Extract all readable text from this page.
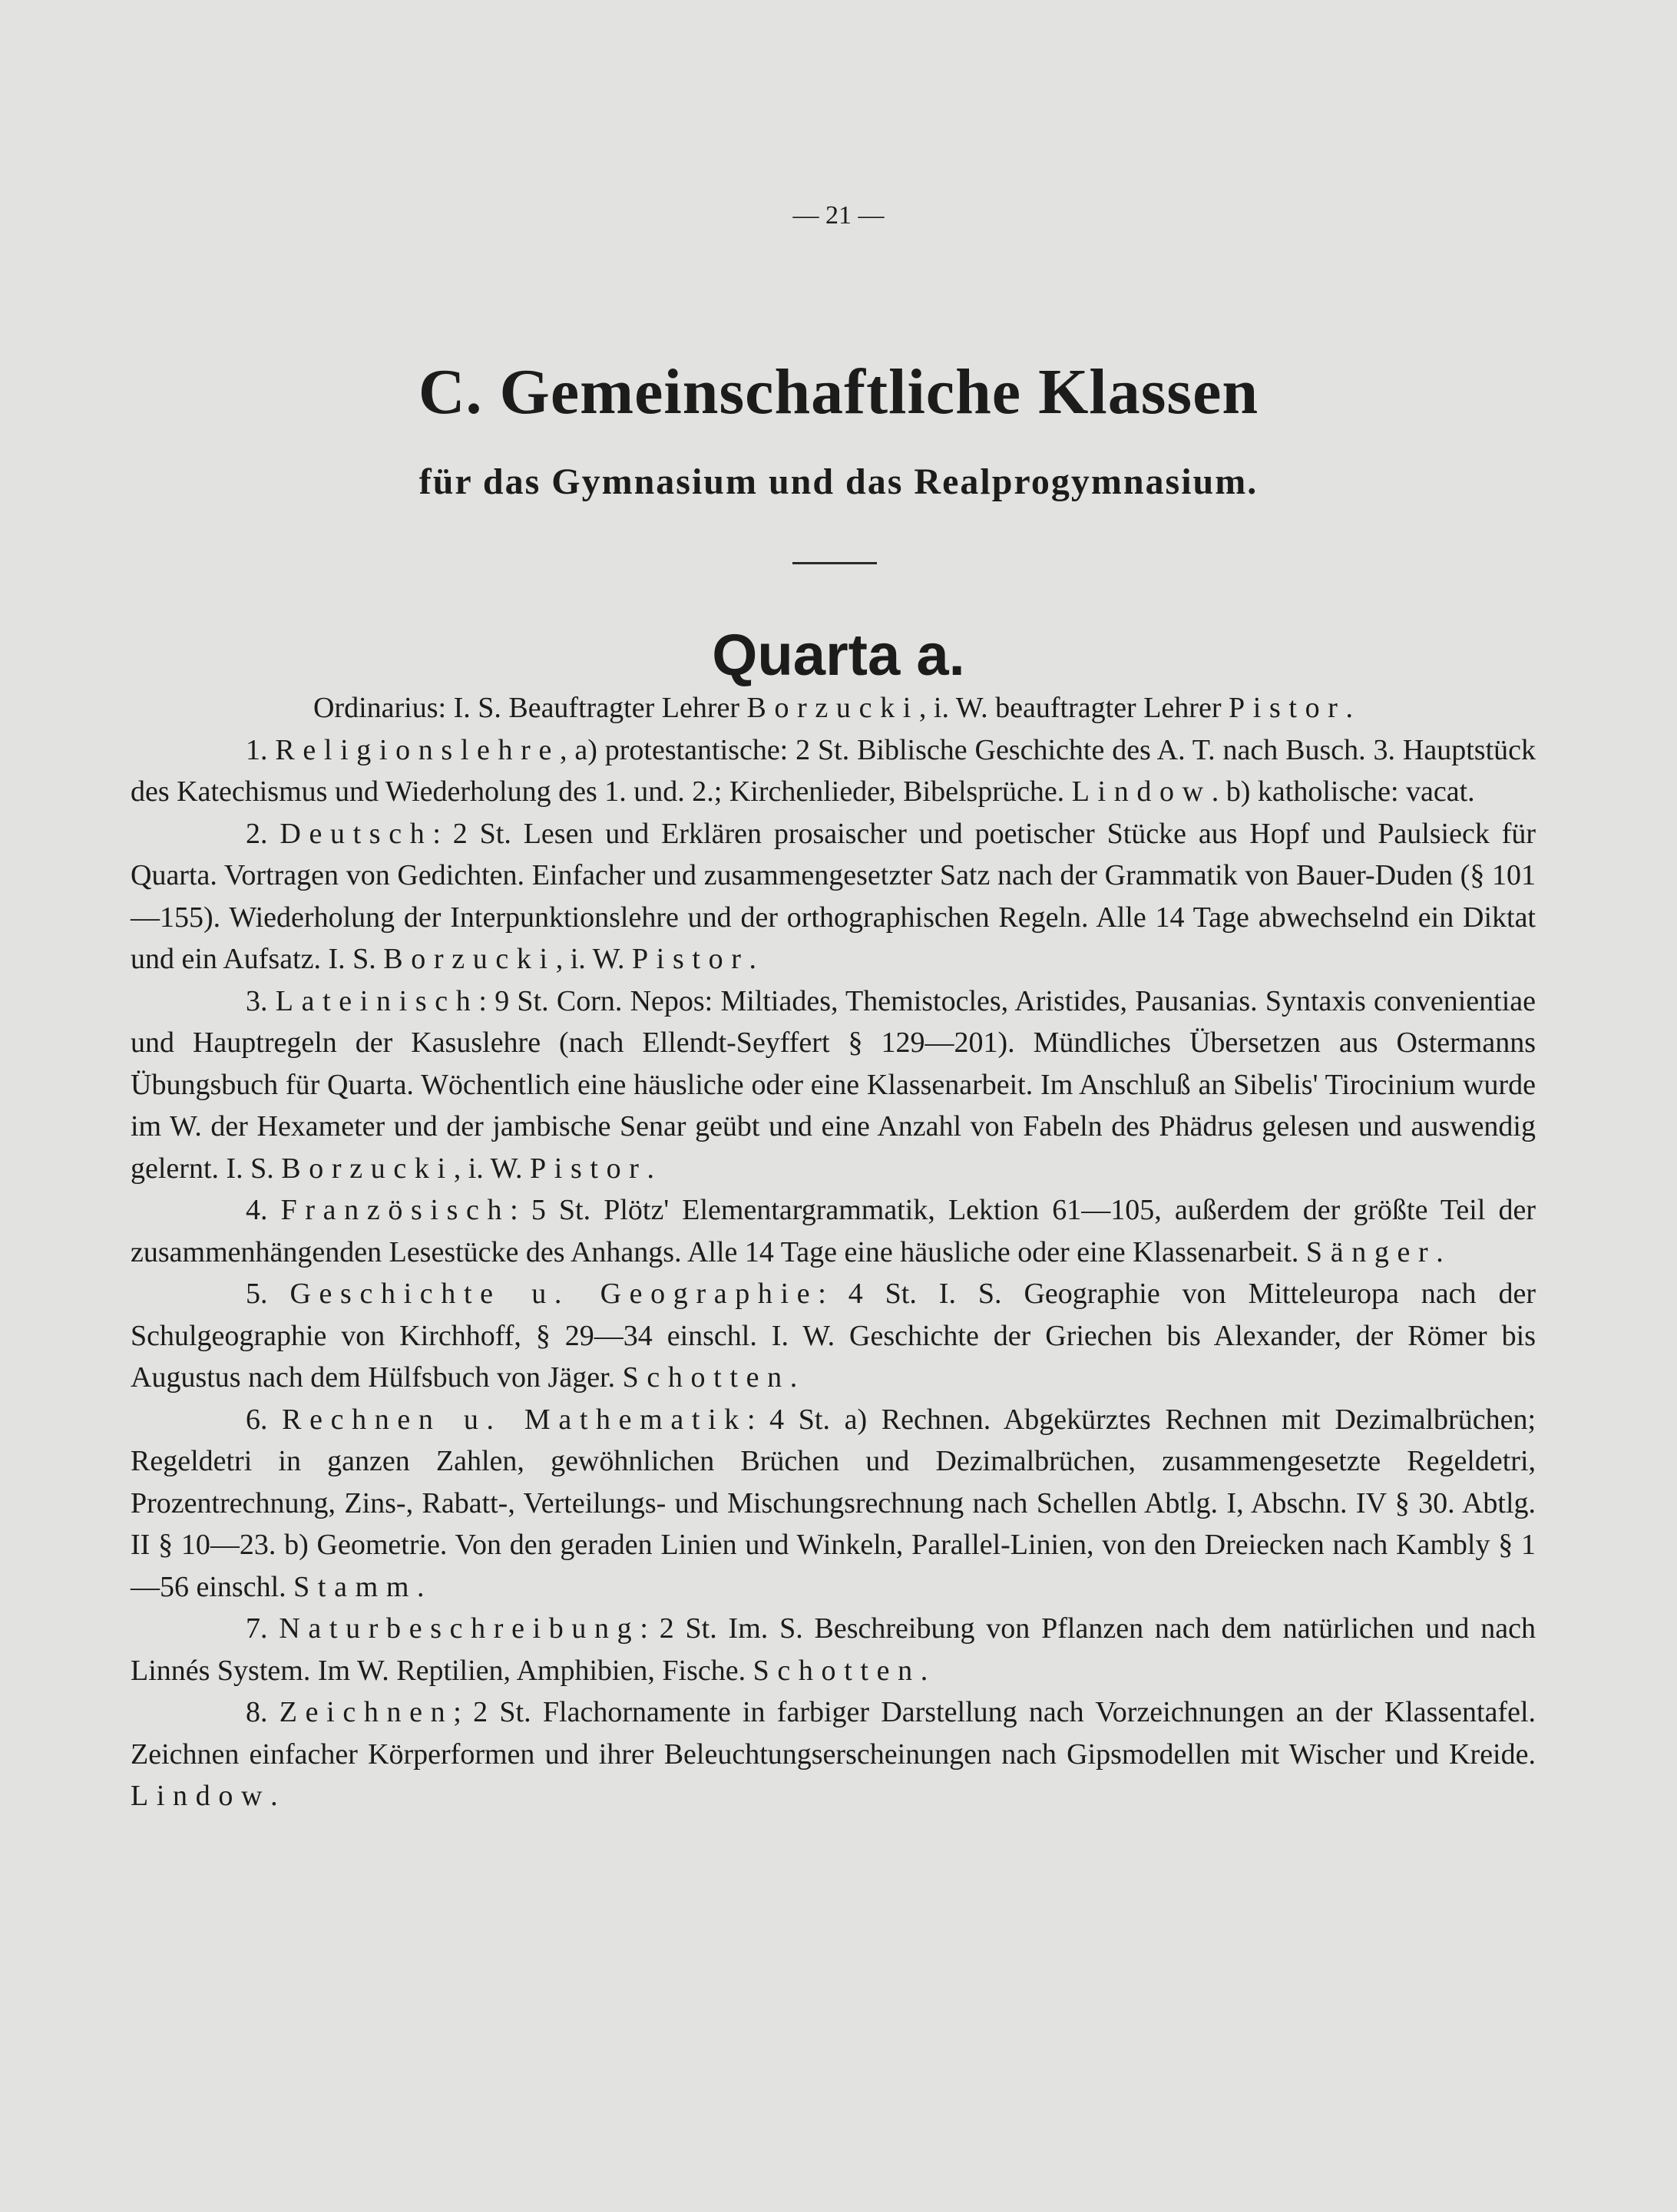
— 21 —
C. Gemeinschaftliche Klassen
für das Gymnasium und das Realprogymnasium.
Quarta a.

Ordinarius: I. S. Beauftragter Lehrer Borzucki, i. W. beauftragter Lehrer Pistor.

1. Religionslehre, a) protestantische: 2 St. Biblische Geschichte des A. T. nach Busch. 3. Hauptstück des Katechismus und Wiederholung des 1. und. 2.; Kirchenlieder, Bibelsprüche. Lindow. b) katholische: vacat.

2. Deutsch: 2 St. Lesen und Erklären prosaischer und poetischer Stücke aus Hopf und Paulsieck für Quarta. Vortragen von Gedichten. Einfacher und zusammengesetzter Satz nach der Grammatik von Bauer-Duden (§ 101—155). Wiederholung der Interpunktionslehre und der orthographischen Regeln. Alle 14 Tage abwechselnd ein Diktat und ein Aufsatz. I. S. Borzucki, i. W. Pistor.

3. Lateinisch: 9 St. Corn. Nepos: Miltiades, Themistocles, Aristides, Pausanias. Syntaxis convenientiae und Hauptregeln der Kasuslehre (nach Ellendt-Seyffert § 129—201). Mündliches Übersetzen aus Ostermanns Übungsbuch für Quarta. Wöchentlich eine häusliche oder eine Klassenarbeit. Im Anschluß an Sibelis' Tirocinium wurde im W. der Hexameter und der jambische Senar geübt und eine Anzahl von Fabeln des Phädrus gelesen und auswendig gelernt. I. S. Borzucki, i. W. Pistor.

4. Französisch: 5 St. Plötz' Elementargrammatik, Lektion 61—105, außerdem der größte Teil der zusammenhängenden Lesestücke des Anhangs. Alle 14 Tage eine häusliche oder eine Klassenarbeit. Sänger.

5. Geschichte u. Geographie: 4 St. I. S. Geographie von Mitteleuropa nach der Schulgeographie von Kirchhoff, § 29—34 einschl. I. W. Geschichte der Griechen bis Alexander, der Römer bis Augustus nach dem Hülfsbuch von Jäger. Schotten.

6. Rechnen u. Mathematik: 4 St. a) Rechnen. Abgekürztes Rechnen mit Dezimalbrüchen; Regeldetri in ganzen Zahlen, gewöhnlichen Brüchen und Dezimalbrüchen, zusammengesetzte Regeldetri, Prozentrechnung, Zins-, Rabatt-, Verteilungs- und Mischungsrechnung nach Schellen Abtlg. I, Abschn. IV § 30. Abtlg. II § 10—23. b) Geometrie. Von den geraden Linien und Winkeln, Parallel-Linien, von den Dreiecken nach Kambly § 1—56 einschl. Stamm.

7. Naturbeschreibung: 2 St. Im. S. Beschreibung von Pflanzen nach dem natürlichen und nach Linnés System. Im W. Reptilien, Amphibien, Fische. Schotten.

8. Zeichnen; 2 St. Flachornamente in farbiger Darstellung nach Vorzeichnungen an der Klassentafel. Zeichnen einfacher Körperformen und ihrer Beleuchtungserscheinungen nach Gipsmodellen mit Wischer und Kreide. Lindow.
